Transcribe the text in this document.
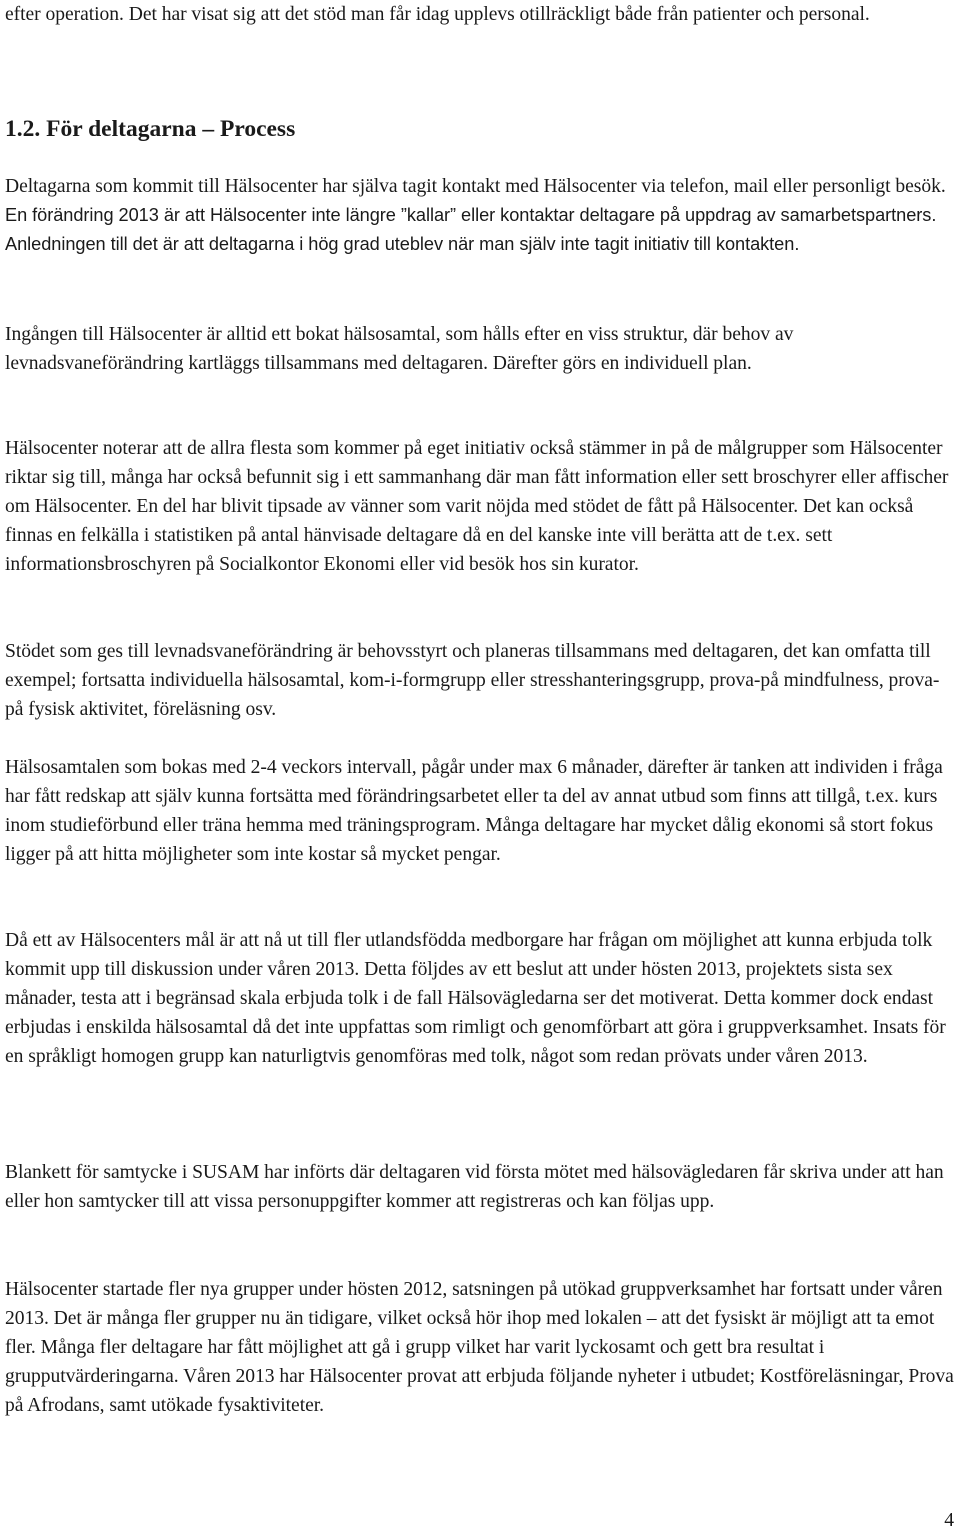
efter operation. Det har visat sig att det stöd man får idag upplevs otillräckligt både från patienter och personal.

1.2. För deltagarna – Process

Deltagarna som kommit till Hälsocenter har själva tagit kontakt med Hälsocenter via telefon, mail eller personligt besök. En förändring 2013 är att Hälsocenter inte längre ”kallar” eller kontaktar deltagare på uppdrag av samarbetspartners. Anledningen till det är att deltagarna i hög grad uteblev när man själv inte tagit initiativ till kontakten.

Ingången till Hälsocenter är alltid ett bokat hälsosamtal, som hålls efter en viss struktur, där behov av levnadsvaneförändring kartläggs tillsammans med deltagaren. Därefter görs en individuell plan.

Hälsocenter noterar att de allra flesta som kommer på eget initiativ också stämmer in på de målgrupper som Hälsocenter riktar sig till, många har också befunnit sig i ett sammanhang där man fått information eller sett broschyrer eller affischer om Hälsocenter. En del har blivit tipsade av vänner som varit nöjda med stödet de fått på Hälsocenter. Det kan också finnas en felkälla i statistiken på antal hänvisade deltagare då en del kanske inte vill berätta att de t.ex. sett informationsbroschyren på Socialkontor Ekonomi eller vid besök hos sin kurator.

Stödet som ges till levnadsvaneförändring är behovsstyrt och planeras tillsammans med deltagaren, det kan omfatta till exempel; fortsatta individuella hälsosamtal, kom-i-formgrupp eller stresshanteringsgrupp, prova-på mindfulness, prova-på fysisk aktivitet, föreläsning osv.

Hälsosamtalen som bokas med 2-4 veckors intervall, pågår under max 6 månader, därefter är tanken att individen i fråga har fått redskap att själv kunna fortsätta med förändringsarbetet eller ta del av annat utbud som finns att tillgå, t.ex. kurs inom studieförbund eller träna hemma med träningsprogram. Många deltagare har mycket dålig ekonomi så stort fokus ligger på att hitta möjligheter som inte kostar så mycket pengar.

Då ett av Hälsocenters mål är att nå ut till fler utlandsfödda medborgare har frågan om möjlighet att kunna erbjuda tolk kommit upp till diskussion under våren 2013. Detta följdes av ett beslut att under hösten 2013, projektets sista sex månader, testa att i begränsad skala erbjuda tolk i de fall Hälsovägledarna ser det motiverat. Detta kommer dock endast erbjudas i enskilda hälsosamtal då det inte uppfattas som rimligt och genomförbart att göra i gruppverksamhet. Insats för en språkligt homogen grupp kan naturligtvis genomföras med tolk, något som redan prövats under våren 2013.

Blankett för samtycke i SUSAM har införts där deltagaren vid första mötet med hälsovägledaren får skriva under att han eller hon samtycker till att vissa personuppgifter kommer att registreras och kan följas upp.

Hälsocenter startade fler nya grupper under hösten 2012, satsningen på utökad gruppverksamhet har fortsatt under våren 2013. Det är många fler grupper nu än tidigare, vilket också hör ihop med lokalen – att det fysiskt är möjligt att ta emot fler. Många fler deltagare har fått möjlighet att gå i grupp vilket har varit lyckosamt och gett bra resultat i grupputvärderingarna. Våren 2013 har Hälsocenter provat att erbjuda följande nyheter i utbudet; Kostföreläsningar, Prova på Afrodans, samt utökade fysaktiviteter.

4
